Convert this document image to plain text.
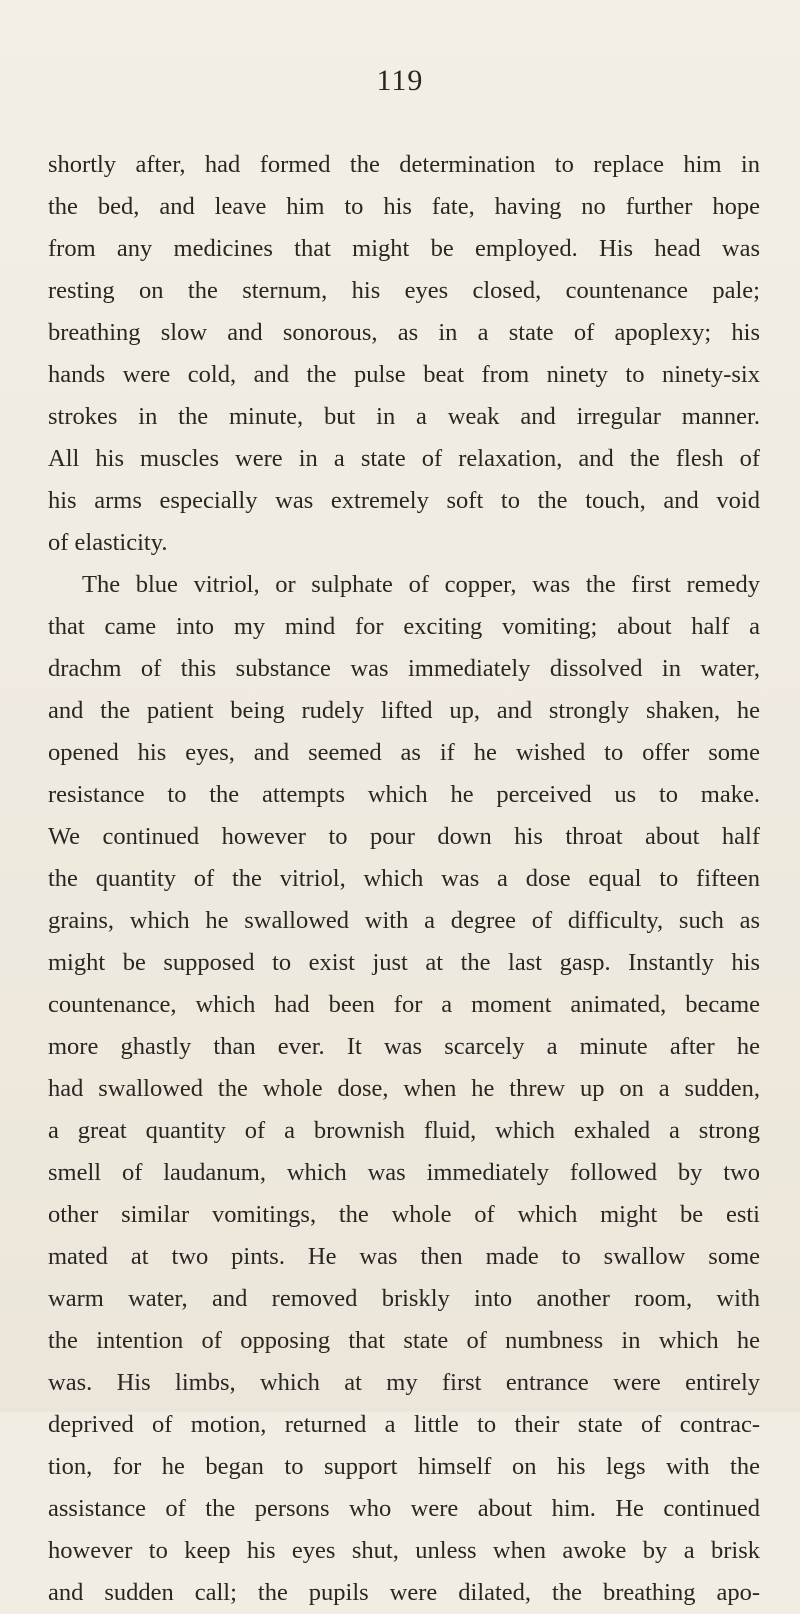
119
shortly after, had formed the determination to replace him in
the bed, and leave him to his fate, having no further hope
from any medicines that might be employed. His head was
resting on the sternum, his eyes closed, countenance pale;
breathing slow and sonorous, as in a state of apoplexy; his
hands were cold, and the pulse beat from ninety to ninety-six
strokes in the minute, but in a weak and irregular manner.
All his muscles were in a state of relaxation, and the flesh of
his arms especially was extremely soft to the touch, and void
of elasticity.
The blue vitriol, or sulphate of copper, was the first remedy
that came into my mind for exciting vomiting; about half a
drachm of this substance was immediately dissolved in water,
and the patient being rudely lifted up, and strongly shaken, he
opened his eyes, and seemed as if he wished to offer some
resistance to the attempts which he perceived us to make.
We continued however to pour down his throat about half
the quantity of the vitriol, which was a dose equal to fifteen
grains, which he swallowed with a degree of difficulty, such as
might be supposed to exist just at the last gasp. Instantly his
countenance, which had been for a moment animated, became
more ghastly than ever. It was scarcely a minute after he
had swallowed the whole dose, when he threw up on a sudden,
a great quantity of a brownish fluid, which exhaled a strong
smell of laudanum, which was immediately followed by two
other similar vomitings, the whole of which might be esti
mated at two pints. He was then made to swallow some
warm water, and removed briskly into another room, with
the intention of opposing that state of numbness in which he
was. His limbs, which at my first entrance were entirely
deprived of motion, returned a little to their state of contrac-
tion, for he began to support himself on his legs with the
assistance of the persons who were about him. He continued
however to keep his eyes shut, unless when awoke by a brisk
and sudden call; the pupils were dilated, the breathing apo-
